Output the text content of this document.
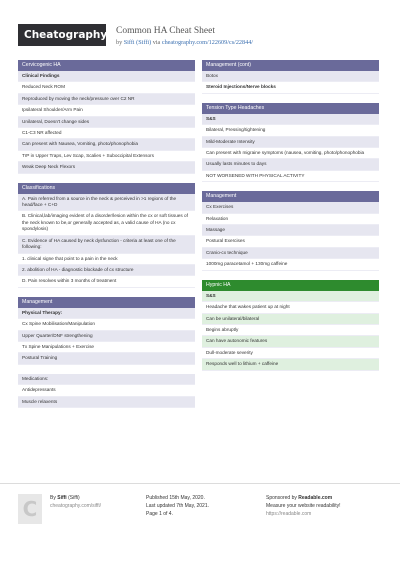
Cheatography Common HA Cheat Sheet
by Siffi (Siffi) via cheatography.com/122609/cs/22844/
Cervicogenic HA
Clinical Findings
Reduced Neck ROM
Reproduced by moving the neck/pressure over C2 NR
Ipsilateral Shoulder/Arm Pain
Unilateral, Doesn't change sides
C1-C3 NR affected
Can present with Nausea, Vomiting, photo/phonophobia
TrP in Upper Traps, Lev Scap, Scalies + Suboccipital Extensors
Weak Deep Neck Flexors
Classifications
A. Pain referred from a source in the neck & perceived in >1 regions of the head/face + C+D
B. Clinical,lab/imaging evident of a disorder/lesion within the cx or soft tissues of the neck known to be,or generally accepted as, a valid cause of HA (no cx spondylosis)
C. Evidence of HA caused by neck dysfunction - criteria at least one of the following:
1. clinical signe that point to a pain in the neck
2. abolition of HA - diagnostic blockade of cx structure
D. Pain resolves within 3 months of treatment
Management
Physical Therapy:
Cx Spine Mobilisation/Manipulation
Upper Quarter/DNF strengthening
Tx Spine Manipulations + Exercise
Postural Training
Medications:
Antidepressants
Muscle relaxents
Management (cont)
Botox
Steroid Injections/Nerve blocks
Tension Type Headaches
S&S
Bilateral, Pressing/tightening
Mild-Moderate Intensity
Can present with migraine symptoms (nausea, vomiting, photo/phonophobia
Usually lasts minutes to days
NOT WORSENED WITH PHYSICAL ACTIVITY
Management
Cx Exercises
Relaxation
Massage
Postural Exercises
Cranio-cx technique
1000mg paracetamol + 130mg caffeine
Hypnic HA
S&S
Headache that wakes patient up at night
Can be unilateral/bilateral
Begins abruptly
Can have autonomic features
Dull-moderate severity
Responds well to lithium + caffeine
C	By Siffi (Siffi)
cheatography.com/siffi/
Published 15th May, 2020.
Last updated 7th May, 2021.
Page 1 of 4.
Sponsored by Readable.com
Measure your website readability!
https://readable.com
